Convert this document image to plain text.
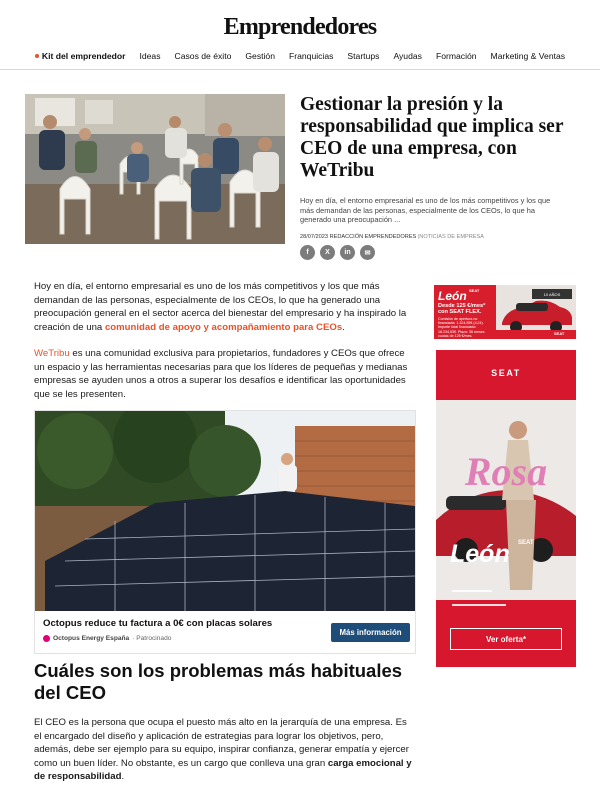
Emprendedores
Kit del emprendedor	Ideas	Casos de éxito	Gestión	Franquicias	Startups	Ayudas	Formación	Marketing & Ventas
Gestionar la presión y la responsabilidad que implica ser CEO de una empresa, con WeTribu

Hoy en día, el entorno empresarial es uno de los más competitivos y los que más demandan de las personas, especialmente de los CEOs, lo que ha generado una preocupación ...

28/07/2023 REDACCIÓN EMPRENDEDORES |NOTICIAS DE EMPRESA
f	X	in	✉

Hoy en día, el entorno empresarial es uno de los más competitivos y los que más demandan de las personas, especialmente de los CEOs, lo que ha generado una preocupación general en el sector acerca del bienestar del empresario y ha inspirado la creación de una comunidad de apoyo y acompañamiento para CEOs.

WeTribu es una comunidad exclusiva para propietarios, fundadores y CEOs que ofrece un espacio y las herramientas necesarias para que los líderes de pequeñas y medianas empresas se ayuden unos a otros a superar los desafíos e identificar las oportunidades que se les presenten.

Octopus reduce tu factura a 0€ con placas solares
Octopus Energy España · Patrocinado
Más información
Cuáles son los problemas más habituales del CEO

El CEO es la persona que ocupa el puesto más alto en la jerarquía de una empresa. Es el encargado del diseño y aplicación de estrategias para lograr los objetivos, pero, además, debe ser ejemplo para su equipo, inspirar confianza, generar empatía y ejercer como un buen líder. No obstante, es un cargo que conlleva una gran carga emocional y de responsabilidad.

León SEAT
Desde 125 €/mes* con SEAT FLEX.
Comisión de apertura no financiada: 1.324,55€ (4,24). Importe total financiado: 18.234,53€. Plazo: 36 meses cuotas de 125 €/mes.
10 AÑOS
SEAT
SEAT
Rosa
León SEAT
Ver oferta*
